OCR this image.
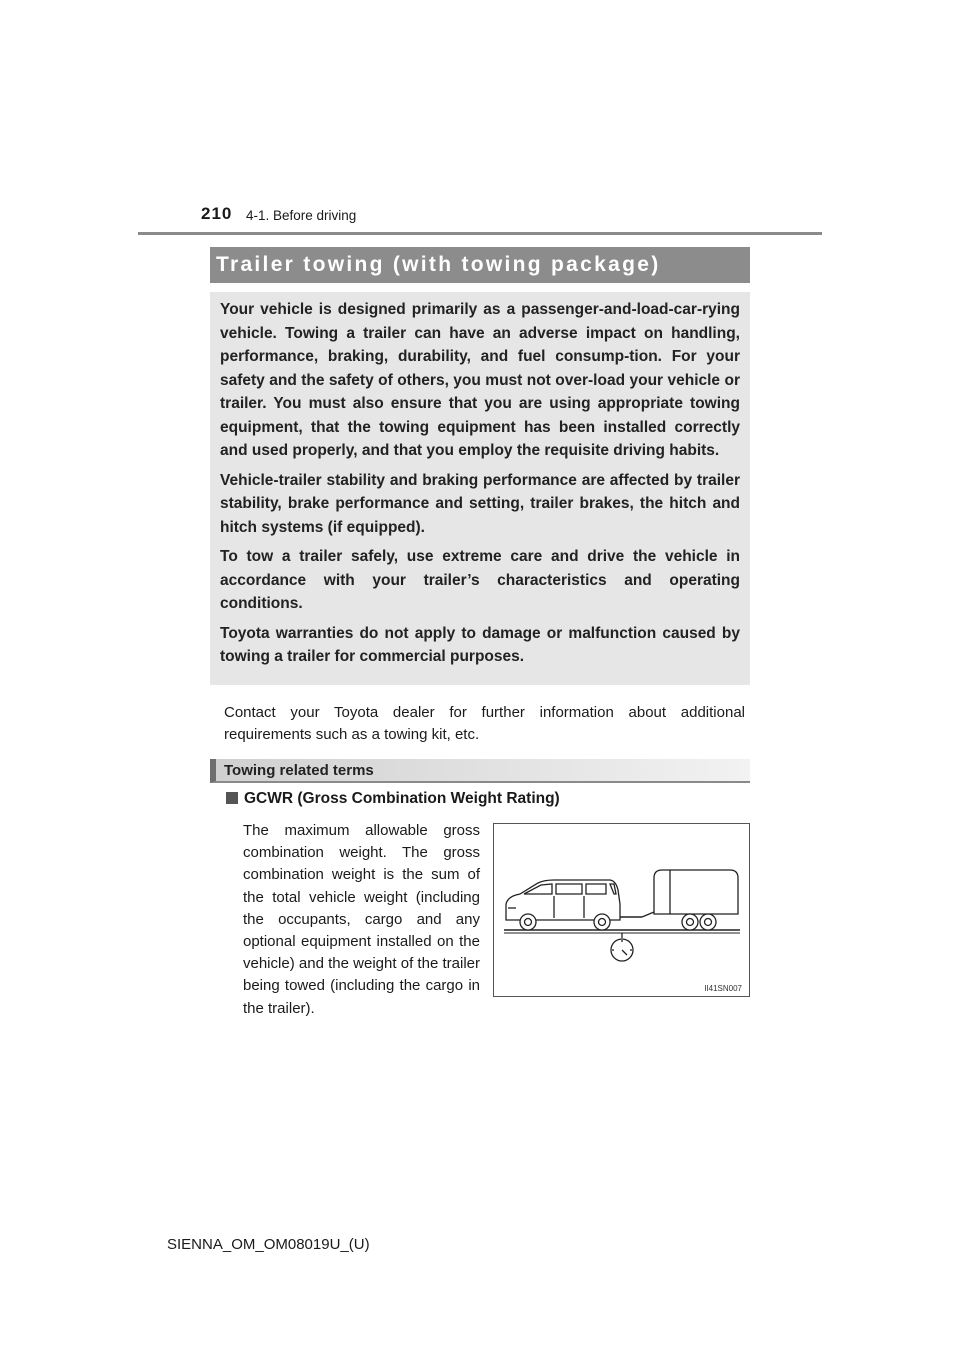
210 4-1. Before driving
Trailer towing (with towing package)

Your vehicle is designed primarily as a passenger-and-load-car-rying vehicle. Towing a trailer can have an adverse impact on handling, performance, braking, durability, and fuel consump-tion. For your safety and the safety of others, you must not over-load your vehicle or trailer. You must also ensure that you are using appropriate towing equipment, that the towing equipment has been installed correctly and used properly, and that you employ the requisite driving habits.

Vehicle-trailer stability and braking performance are affected by trailer stability, brake performance and setting, trailer brakes, the hitch and hitch systems (if equipped).

To tow a trailer safely, use extreme care and drive the vehicle in accordance with your trailer’s characteristics and operating conditions.

Toyota warranties do not apply to damage or malfunction caused by towing a trailer for commercial purposes.

Contact your Toyota dealer for further information about additional requirements such as a towing kit, etc.

Towing related terms
GCWR (Gross Combination Weight Rating)

The maximum allowable gross combination weight. The gross combination weight is the sum of the total vehicle weight (including the occupants, cargo and any optional equipment installed on the vehicle) and the weight of the trailer being towed (including the cargo in the trailer).

II41SN007
SIENNA_OM_OM08019U_(U)
